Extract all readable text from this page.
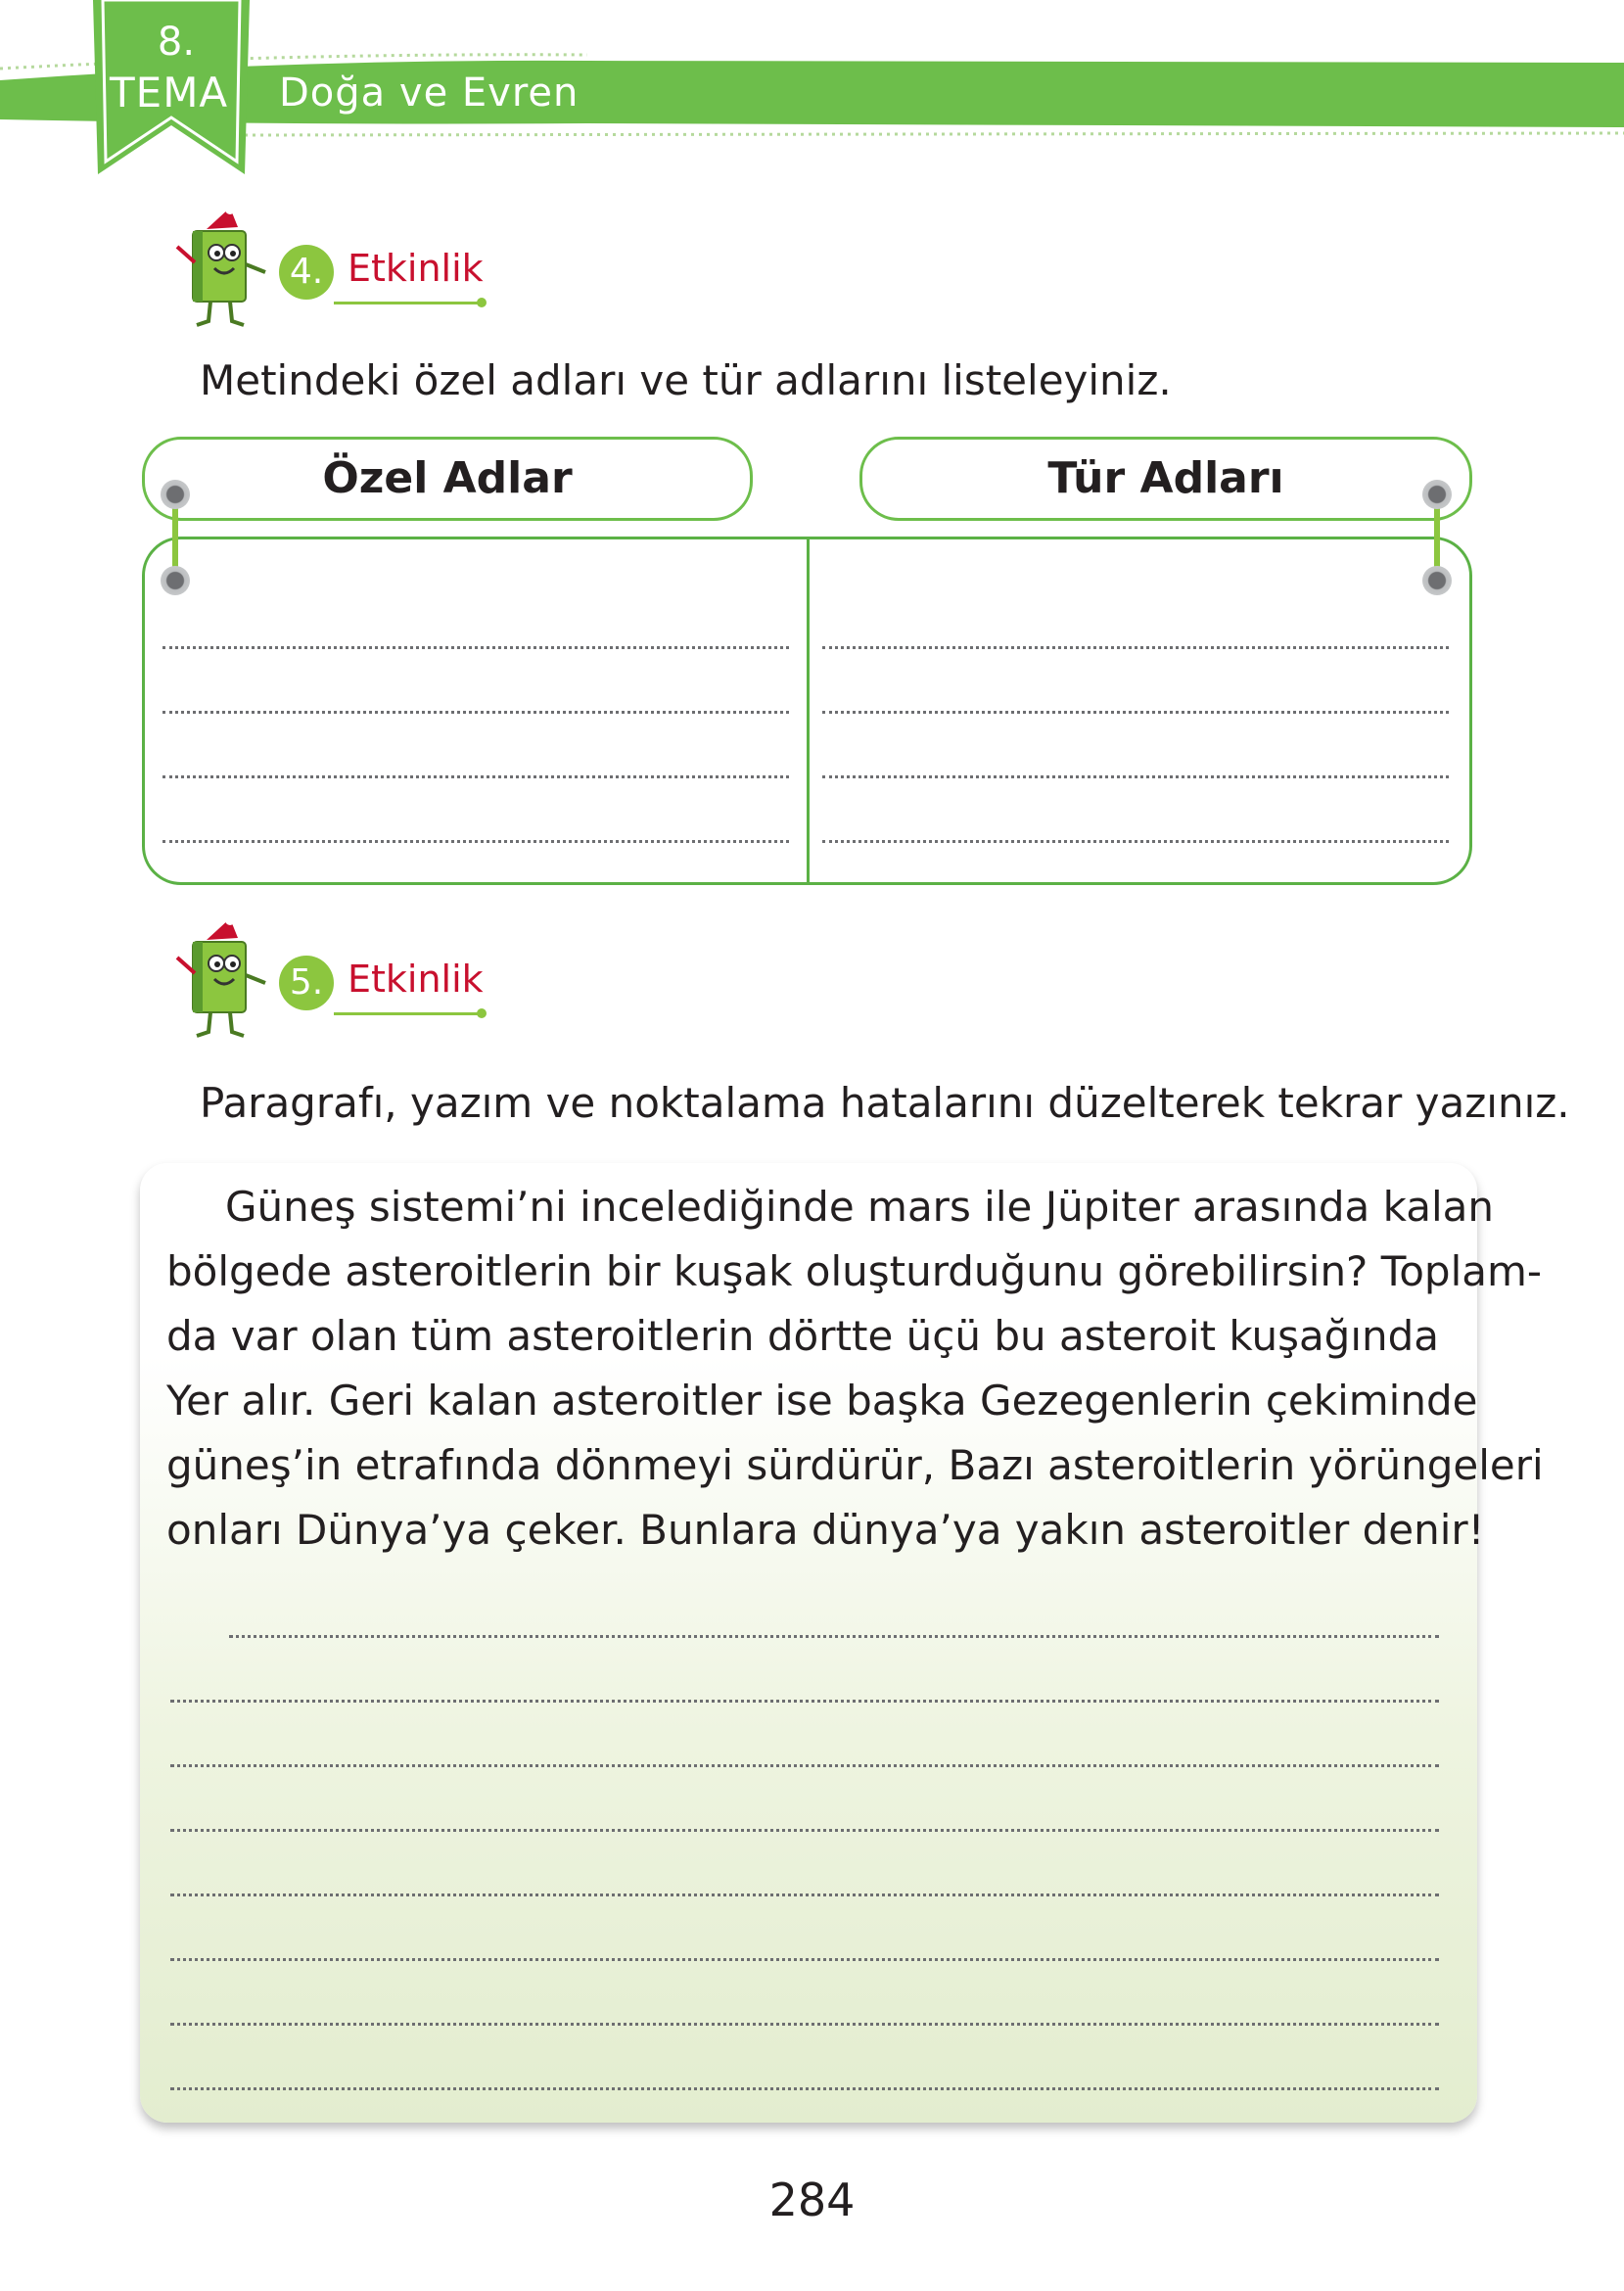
8.
TEMA Doğa ve Evren
4. Etkinlik
Metindeki özel adları ve tür adlarını listeleyiniz.
Özel Adlar	Tür Adları
5. Etkinlik
Paragrafı, yazım ve noktalama hatalarını düzelterek tekrar yazınız.
Güneş sistemi’ni incelediğinde mars ile Jüpiter arasında kalan
bölgede asteroitlerin bir kuşak oluşturduğunu görebilirsin? Toplam-
da var olan tüm asteroitlerin dörtte üçü bu asteroit kuşağında
Yer alır. Geri kalan asteroitler ise başka Gezegenlerin çekiminde
güneş’in etrafında dönmeyi sürdürür, Bazı asteroitlerin yörüngeleri
onları Dünya’ya çeker. Bunlara dünya’ya yakın asteroitler denir!
284
